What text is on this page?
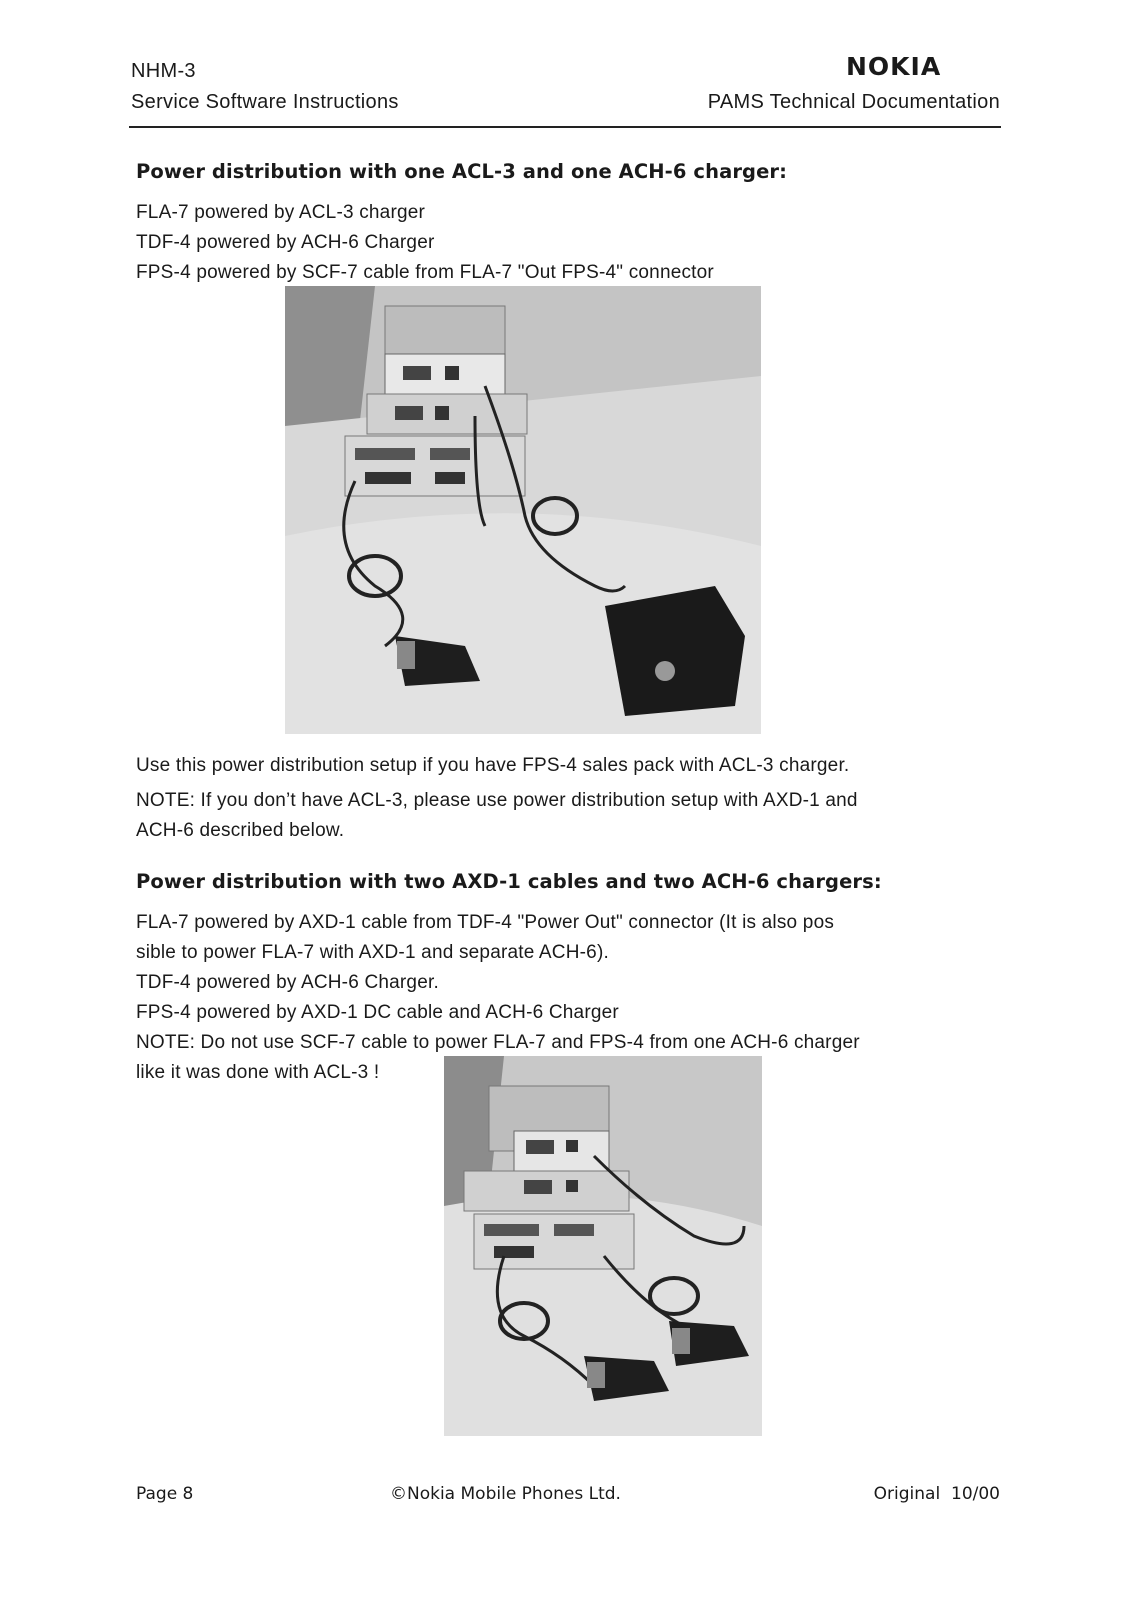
NHM-3	NOKIA
Service Software Instructions	PAMS Technical Documentation
Power distribution with one ACL-3 and one ACH-6 charger:
FLA-7 powered by ACL-3 charger
TDF-4 powered by ACH-6 Charger
FPS-4 powered by SCF-7 cable from FLA-7 "Out FPS-4" connector
Use this power distribution setup if you have FPS-4 sales pack with ACL-3 charger.
NOTE: If you don’t have ACL-3, please use power distribution setup with AXD-1 and
ACH-6 described below.
Power distribution with two AXD-1 cables and two ACH-6 chargers:
FLA-7 powered by AXD-1 cable from TDF-4 "Power Out" connector (It is also pos
sible to power FLA-7 with AXD-1 and separate ACH-6).
TDF-4 powered by ACH-6 Charger.
FPS-4 powered by AXD-1 DC cable and ACH-6 Charger
NOTE: Do not use SCF-7 cable to power FLA-7 and FPS-4 from one ACH-6 charger
like it was done with ACL-3 !
Page 8	©Nokia Mobile Phones Ltd.	Original  10/00
